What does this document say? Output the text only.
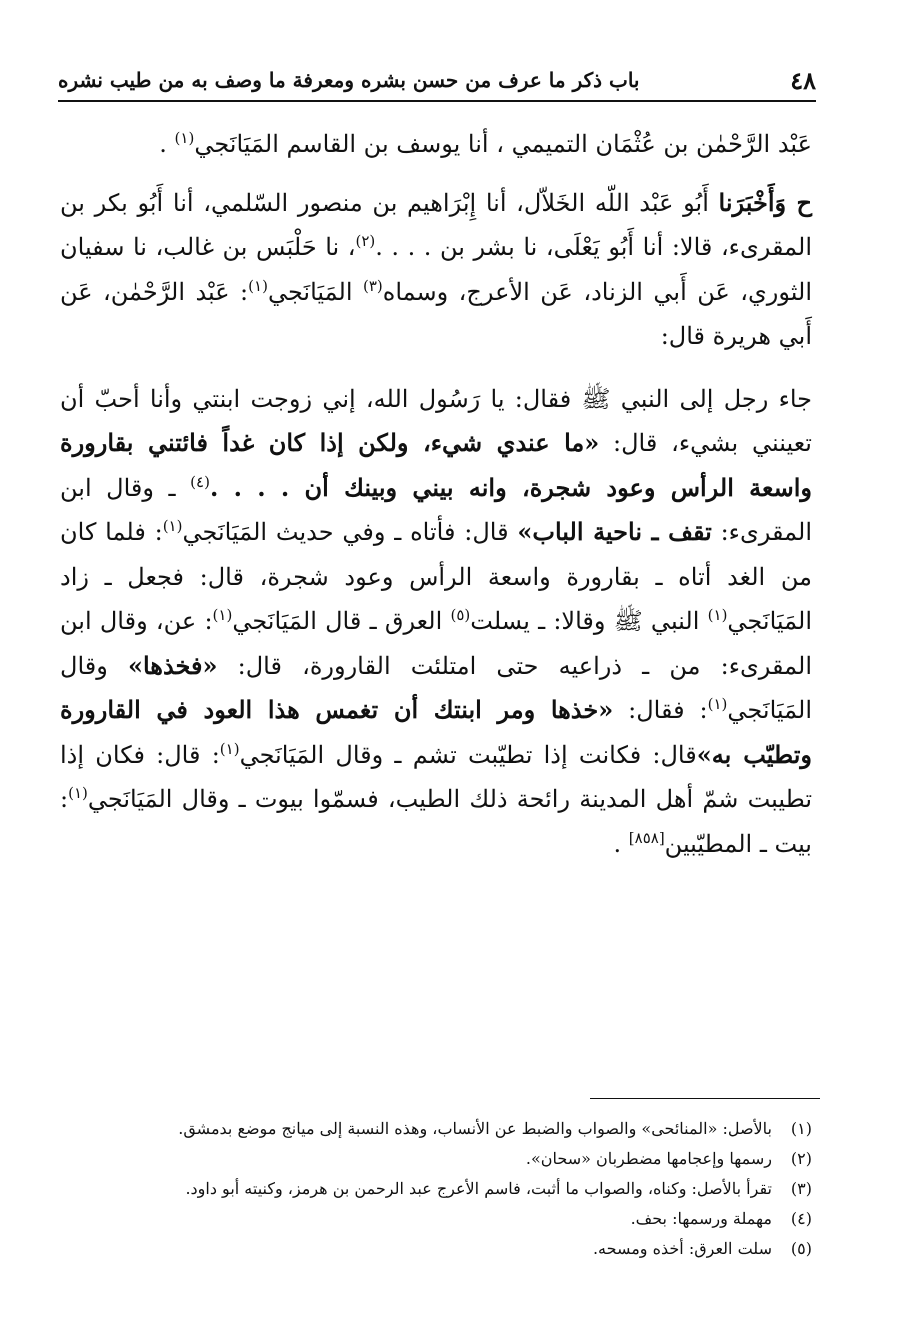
٤٨
باب ذكر ما عرف من حسن بشره ومعرفة ما وصف به من طيب نشره

عَبْد الرَّحْمٰن بن عُثْمَان التميمي ، أنا يوسف بن القاسم المَيَانَجي$^{(١)}$ .

ح وَأَخْبَرَنا أَبُو عَبْد اللّه الخَلاّل، أنا إِبْرَاهيم بن منصور السّلمي، أنا أَبُو بكر بن المقرىء، قالا: أنا أَبُو يَعْلَى، نا بشر بن . . . .$^{(٢)}$، نا حَلْبَس بن غالب، نا سفيان الثوري، عَن أَبي الزناد، عَن الأعرج، وسماه$^{(٣)}$ المَيَانَجي$^{(١)}$: عَبْد الرَّحْمٰن، عَن أَبي هريرة قال:

جاء رجل إلى النبي ﷺ فقال: يا رَسُول الله، إني زوجت ابنتي وأنا أحبّ أن تعينني بشيء، قال: «ما عندي شيء، ولكن إذا كان غداً فائتني بقارورة واسعة الرأس وعود شجرة، وانه بيني وبينك أن . . . .$^{(٤)}$ ـ وقال ابن المقرىء: تقف ـ ناحية الباب» قال: فأتاه ـ وفي حديث المَيَانَجي$^{(١)}$: فلما كان من الغد أتاه ـ بقارورة واسعة الرأس وعود شجرة، قال: فجعل ـ زاد المَيَانَجي$^{(١)}$ النبي ﷺ وقالا: ـ يسلت$^{(٥)}$ العرق ـ قال المَيَانَجي$^{(١)}$: عن، وقال ابن المقرىء: من ـ ذراعيه حتى امتلئت القارورة، قال: «فخذها» وقال المَيَانَجي$^{(١)}$: فقال: «خذها ومر ابنتك أن تغمس هذا العود في القارورة وتطيّب به»قال: فكانت إذا تطيّبت تشم ـ وقال المَيَانَجي$^{(١)}$: قال: فكان إذا تطيبت شمّ أهل المدينة رائحة ذلك الطيب، فسمّوا بيوت ـ وقال المَيَانَجي$^{(١)}$: بيت ـ المطيّبين[٨٥٨] .

(١)
بالأصل: «المنائحى» والصواب والضبط عن الأنساب، وهذه النسبة إلى ميانج موضع بدمشق.
(٢)
رسمها وإعجامها مضطربان «سحان».
(٣)
تقرأ بالأصل: وكناه، والصواب ما أثبت، فاسم الأعرج عبد الرحمن بن هرمز، وكنيته أبو داود.
(٤)
مهملة ورسمها: بحف.
(٥)
سلت العرق: أخذه ومسحه.
